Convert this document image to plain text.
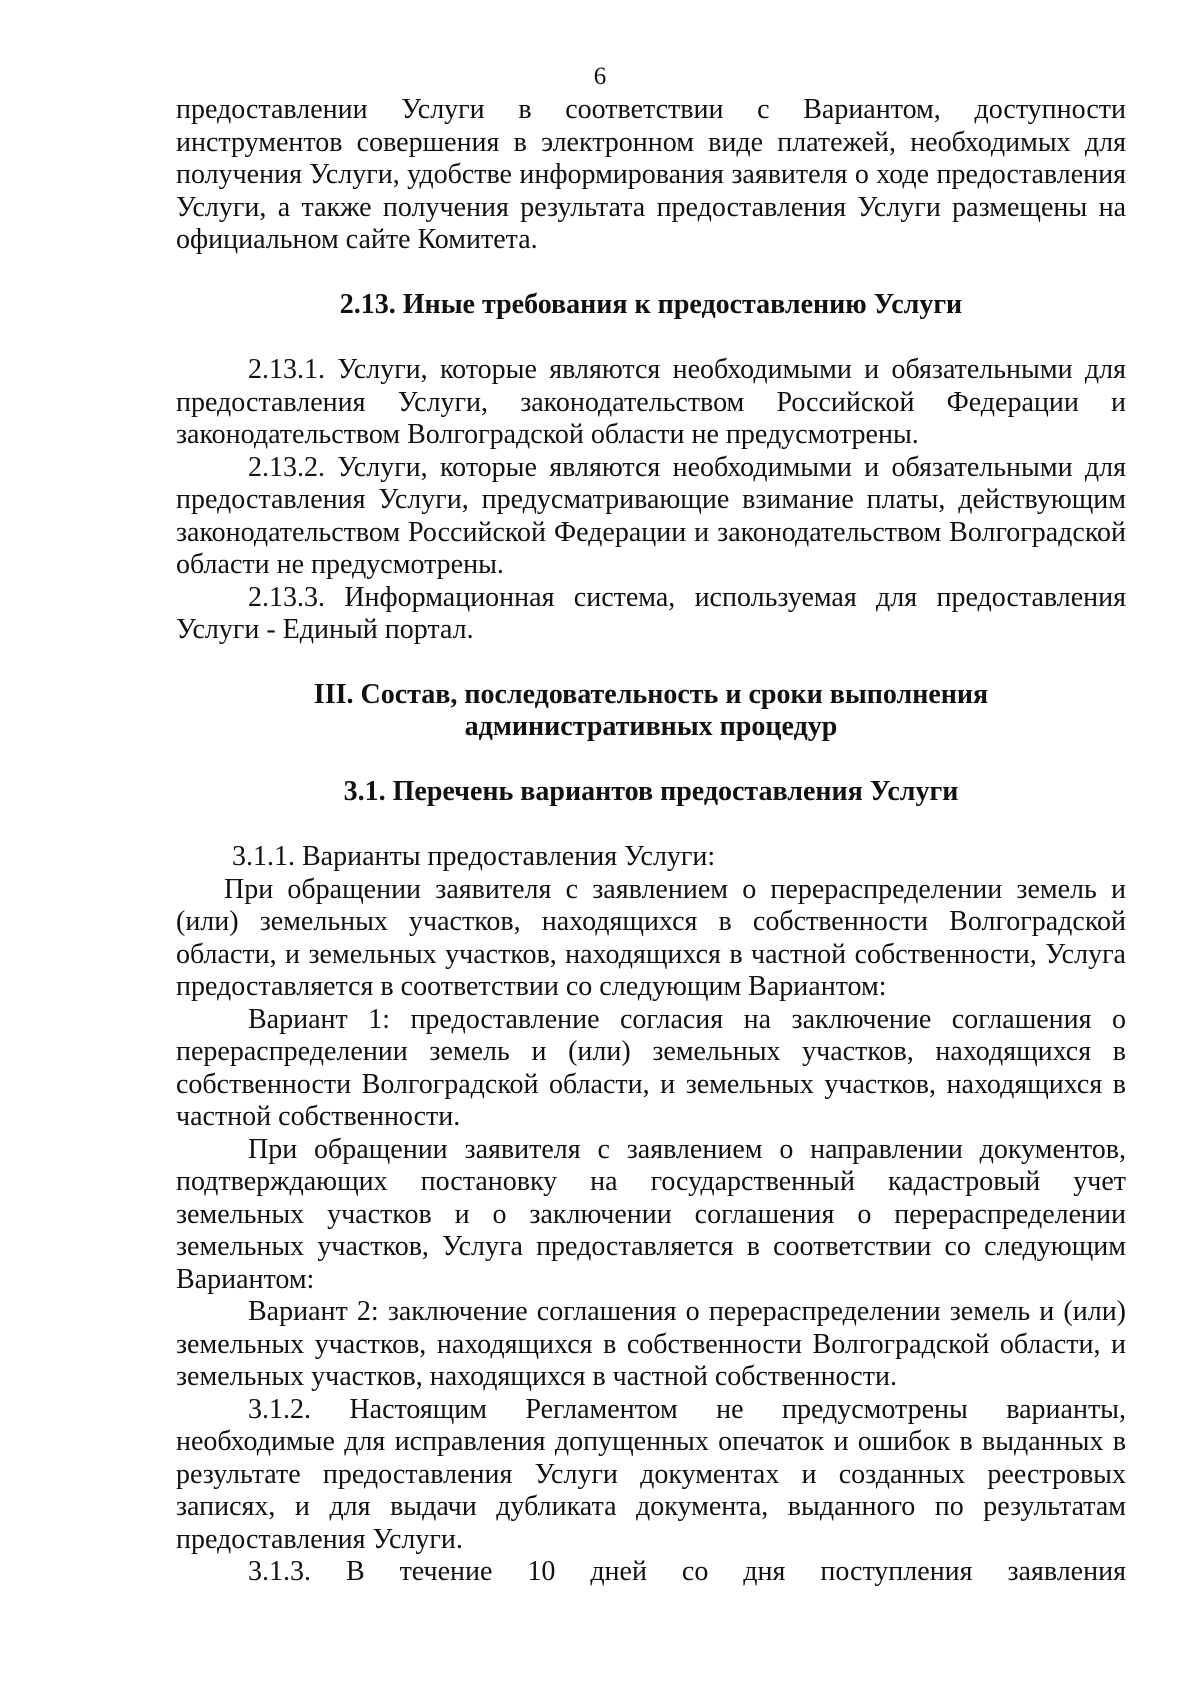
6

предоставлении Услуги в соответствии с Вариантом, доступности инструментов совершения в электронном виде платежей, необходимых для получения Услуги, удобстве информирования заявителя о ходе предоставления Услуги, а также получения результата предоставления Услуги размещены на официальном сайте Комитета.

2.13. Иные требования к предоставлению Услуги

2.13.1. Услуги, которые являются необходимыми и обязательными для предоставления Услуги, законодательством Российской Федерации и законодательством Волгоградской области не предусмотрены.

2.13.2. Услуги, которые являются необходимыми и обязательными для предоставления Услуги, предусматривающие взимание платы, действующим законодательством Российской Федерации и законодательством Волгоградской области не предусмотрены.

2.13.3. Информационная система, используемая для предоставления Услуги - Единый портал.

III. Состав, последовательность и сроки выполнения
административных процедур
3.1. Перечень вариантов предоставления Услуги

3.1.1. Варианты предоставления Услуги:

При обращении заявителя с заявлением о перераспределении земель и (или) земельных участков, находящихся в собственности Волгоградской области, и земельных участков, находящихся в частной собственности, Услуга предоставляется в соответствии со следующим Вариантом:

Вариант 1: предоставление согласия на заключение соглашения о перераспределении земель и (или) земельных участков, находящихся в собственности Волгоградской области, и земельных участков, находящихся в частной собственности.

При обращении заявителя с заявлением о направлении документов, подтверждающих постановку на государственный кадастровый учет земельных участков и о заключении соглашения о перераспределении земельных участков, Услуга предоставляется в соответствии со следующим Вариантом:

Вариант 2: заключение соглашения о перераспределении земель и (или) земельных участков, находящихся в собственности Волгоградской области, и земельных участков, находящихся в частной собственности.

3.1.2. Настоящим Регламентом не предусмотрены варианты, необходимые для исправления допущенных опечаток и ошибок в выданных в результате предоставления Услуги документах и созданных реестровых записях, и для выдачи дубликата документа, выданного по результатам предоставления Услуги.

3.1.3. В течение 10 дней со дня поступления заявления
